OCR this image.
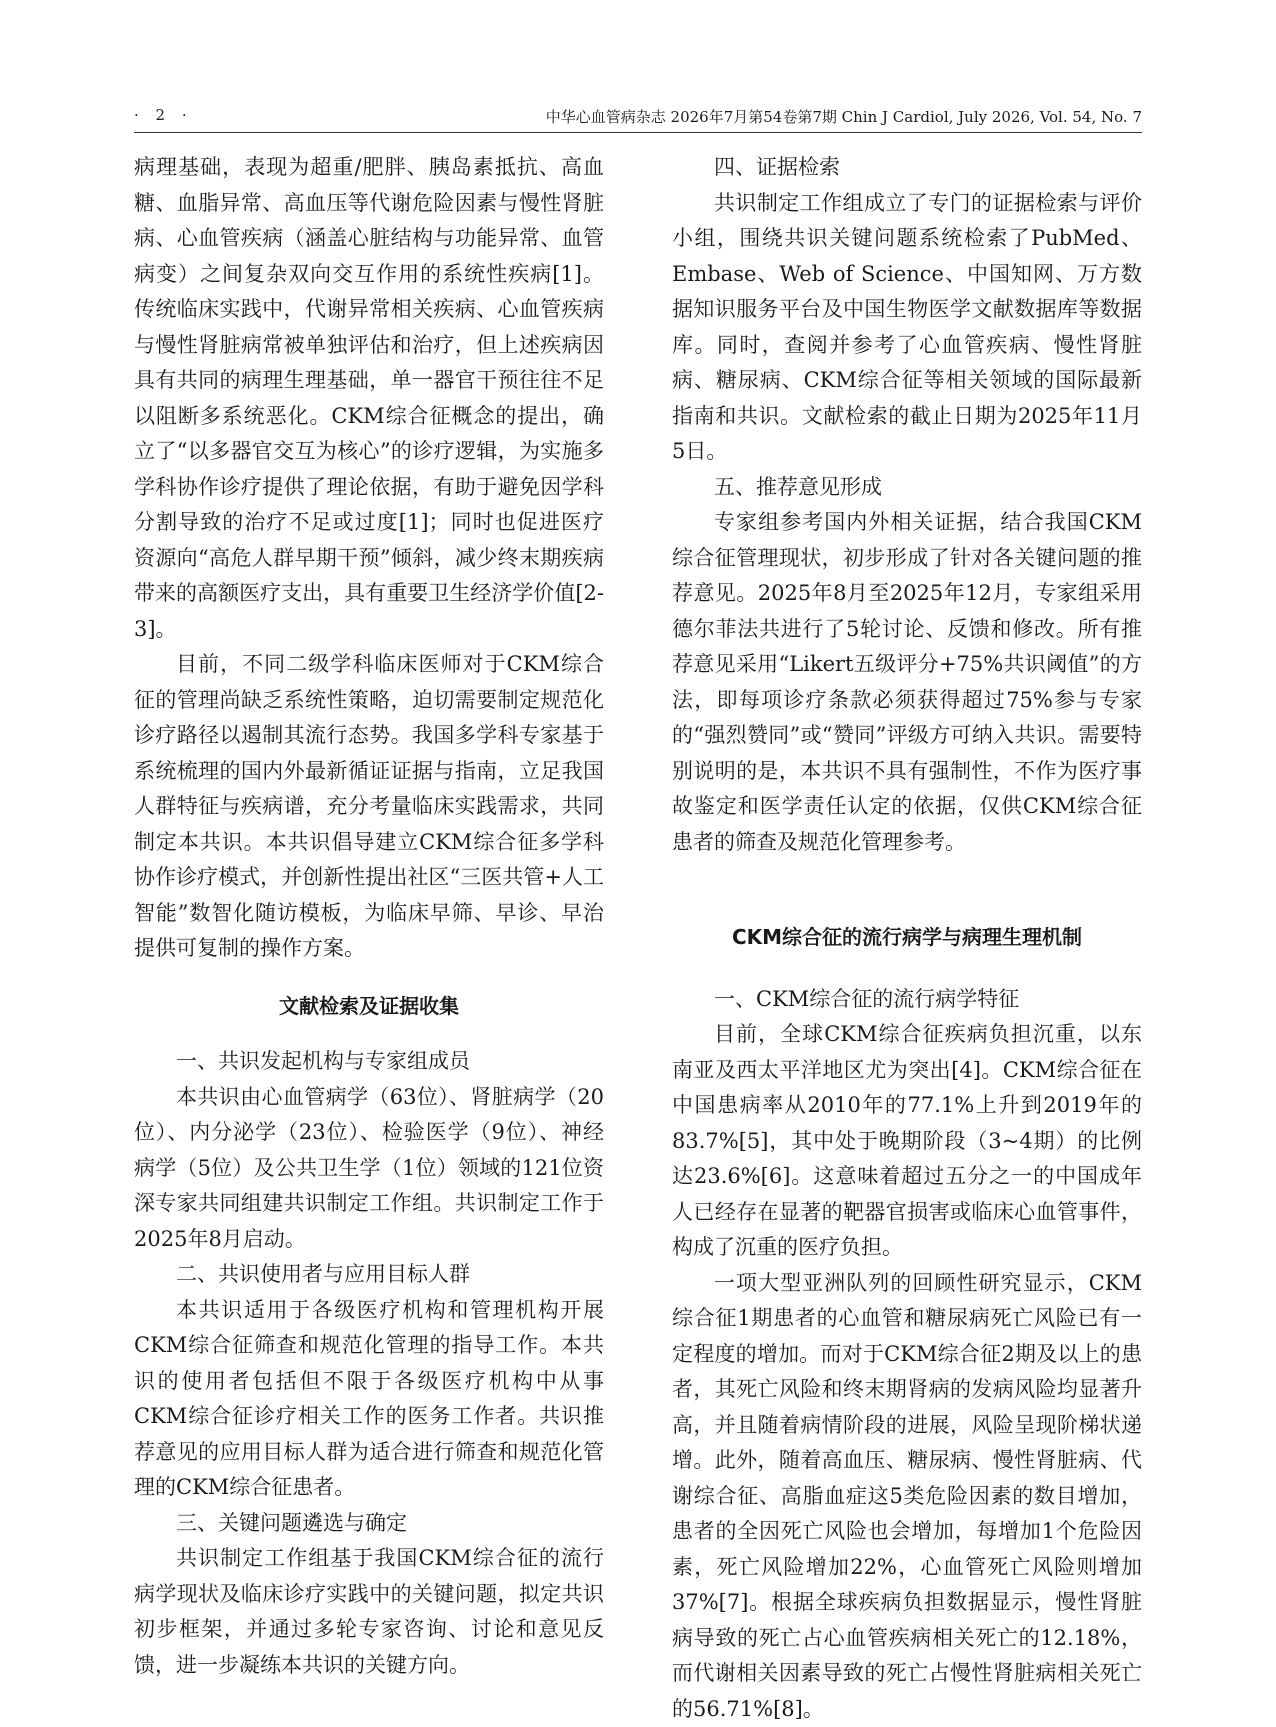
· 2 ·	中华心血管病杂志 2026年7月第54卷第7期 Chin J Cardiol, July 2026, Vol. 54, No. 7

病理基础，表现为超重/肥胖、胰岛素抵抗、高血糖、血脂异常、高血压等代谢危险因素与慢性肾脏病、心血管疾病（涵盖心脏结构与功能异常、血管病变）之间复杂双向交互作用的系统性疾病[1]。传统临床实践中，代谢异常相关疾病、心血管疾病与慢性肾脏病常被单独评估和治疗，但上述疾病因具有共同的病理生理基础，单一器官干预往往不足以阻断多系统恶化。CKM综合征概念的提出，确立了“以多器官交互为核心”的诊疗逻辑，为实施多学科协作诊疗提供了理论依据，有助于避免因学科分割导致的治疗不足或过度[1]；同时也促进医疗资源向“高危人群早期干预”倾斜，减少终末期疾病带来的高额医疗支出，具有重要卫生经济学价值[2-3]。

目前，不同二级学科临床医师对于CKM综合征的管理尚缺乏系统性策略，迫切需要制定规范化诊疗路径以遏制其流行态势。我国多学科专家基于系统梳理的国内外最新循证证据与指南，立足我国人群特征与疾病谱，充分考量临床实践需求，共同制定本共识。本共识倡导建立CKM综合征多学科协作诊疗模式，并创新性提出社区“三医共管+人工智能”数智化随访模板，为临床早筛、早诊、早治提供可复制的操作方案。

文献检索及证据收集
一、共识发起机构与专家组成员

本共识由心血管病学（63位）、肾脏病学（20位）、内分泌学（23位）、检验医学（9位）、神经病学（5位）及公共卫生学（1位）领域的121位资深专家共同组建共识制定工作组。共识制定工作于2025年8月启动。

二、共识使用者与应用目标人群

本共识适用于各级医疗机构和管理机构开展CKM综合征筛查和规范化管理的指导工作。本共识的使用者包括但不限于各级医疗机构中从事CKM综合征诊疗相关工作的医务工作者。共识推荐意见的应用目标人群为适合进行筛查和规范化管理的CKM综合征患者。

三、关键问题遴选与确定

共识制定工作组基于我国CKM综合征的流行病学现状及临床诊疗实践中的关键问题，拟定共识初步框架，并通过多轮专家咨询、讨论和意见反馈，进一步凝练本共识的关键方向。

四、证据检索

共识制定工作组成立了专门的证据检索与评价小组，围绕共识关键问题系统检索了PubMed、Embase、Web of Science、中国知网、万方数据知识服务平台及中国生物医学文献数据库等数据库。同时，查阅并参考了心血管疾病、慢性肾脏病、糖尿病、CKM综合征等相关领域的国际最新指南和共识。文献检索的截止日期为2025年11月5日。

五、推荐意见形成

专家组参考国内外相关证据，结合我国CKM综合征管理现状，初步形成了针对各关键问题的推荐意见。2025年8月至2025年12月，专家组采用德尔菲法共进行了5轮讨论、反馈和修改。所有推荐意见采用“Likert五级评分+75%共识阈值”的方法，即每项诊疗条款必须获得超过75%参与专家的“强烈赞同”或“赞同”评级方可纳入共识。需要特别说明的是，本共识不具有强制性，不作为医疗事故鉴定和医学责任认定的依据，仅供CKM综合征患者的筛查及规范化管理参考。

CKM综合征的流行病学与病理生理机制
一、CKM综合征的流行病学特征

目前，全球CKM综合征疾病负担沉重，以东南亚及西太平洋地区尤为突出[4]。CKM综合征在中国患病率从2010年的77.1%上升到2019年的83.7%[5]，其中处于晚期阶段（3~4期）的比例达23.6%[6]。这意味着超过五分之一的中国成年人已经存在显著的靶器官损害或临床心血管事件，构成了沉重的医疗负担。

一项大型亚洲队列的回顾性研究显示，CKM综合征1期患者的心血管和糖尿病死亡风险已有一定程度的增加。而对于CKM综合征2期及以上的患者，其死亡风险和终末期肾病的发病风险均显著升高，并且随着病情阶段的进展，风险呈现阶梯状递增。此外，随着高血压、糖尿病、慢性肾脏病、代谢综合征、高脂血症这5类危险因素的数目增加，患者的全因死亡风险也会增加，每增加1个危险因素，死亡风险增加22%，心血管死亡风险则增加37%[7]。根据全球疾病负担数据显示，慢性肾脏病导致的死亡占心血管疾病相关死亡的12.18%，而代谢相关因素导致的死亡占慢性肾脏病相关死亡的56.71%[8]。
